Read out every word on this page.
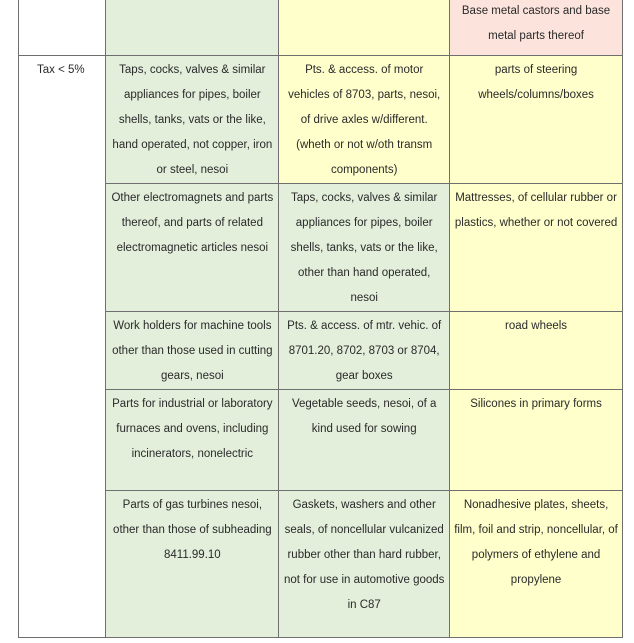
			Base metal castors and base metal parts thereof
Tax < 5%	Taps, cocks, valves & similar appliances for pipes, boiler shells, tanks, vats or the like, hand operated, not copper, iron or steel, nesoi	Pts. & access. of motor vehicles of 8703, parts, nesoi, of drive axles w/different. (wheth or not w/oth transm components)	parts of steering wheels/columns/boxes
	Other electromagnets and parts thereof, and parts of related electromagnetic articles nesoi	Taps, cocks, valves & similar appliances for pipes, boiler shells, tanks, vats or the like, other than hand operated, nesoi	Mattresses, of cellular rubber or plastics, whether or not covered
	Work holders for machine tools other than those used in cutting gears, nesoi	Pts. & access. of mtr. vehic. of 8701.20, 8702, 8703 or 8704, gear boxes	road wheels
	Parts for industrial or laboratory furnaces and ovens, including incinerators, nonelectric	Vegetable seeds, nesoi, of a kind used for sowing	Silicones in primary forms
	Parts of gas turbines nesoi, other than those of subheading 8411.99.10	Gaskets, washers and other seals, of noncellular vulcanized rubber other than hard rubber, not for use in automotive goods in C87	Nonadhesive plates, sheets, film, foil and strip, noncellular, of polymers of ethylene and propylene
